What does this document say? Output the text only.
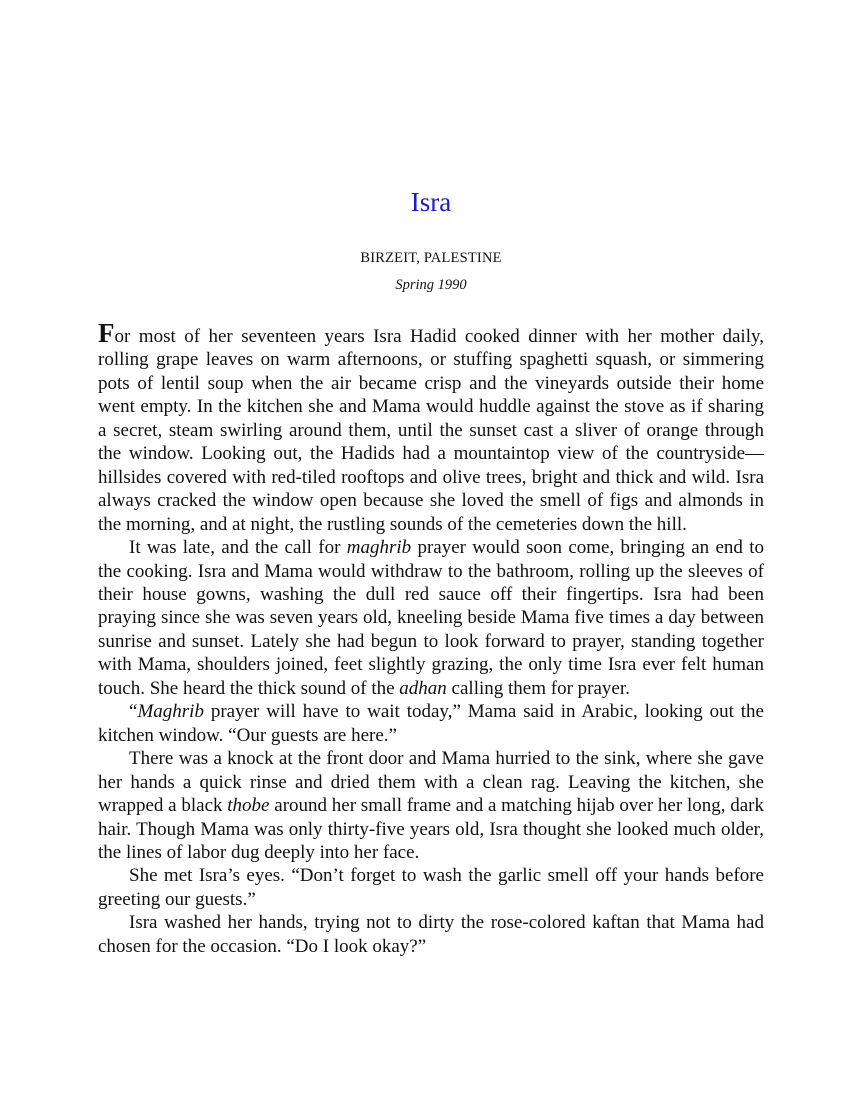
Isra

BIRZEIT, PALESTINE

Spring 1990

For most of her seventeen years Isra Hadid cooked dinner with her mother daily, rolling grape leaves on warm afternoons, or stuffing spaghetti squash, or simmering pots of lentil soup when the air became crisp and the vineyards outside their home went empty. In the kitchen she and Mama would huddle against the stove as if sharing a secret, steam swirling around them, until the sunset cast a sliver of orange through the window. Looking out, the Hadids had a mountaintop view of the countryside—hillsides covered with red-tiled rooftops and olive trees, bright and thick and wild. Isra always cracked the window open because she loved the smell of figs and almonds in the morning, and at night, the rustling sounds of the cemeteries down the hill.

It was late, and the call for maghrib prayer would soon come, bringing an end to the cooking. Isra and Mama would withdraw to the bathroom, rolling up the sleeves of their house gowns, washing the dull red sauce off their fingertips. Isra had been praying since she was seven years old, kneeling beside Mama five times a day between sunrise and sunset. Lately she had begun to look forward to prayer, standing together with Mama, shoulders joined, feet slightly grazing, the only time Isra ever felt human touch. She heard the thick sound of the adhan calling them for prayer.

“Maghrib prayer will have to wait today,” Mama said in Arabic, looking out the kitchen window. “Our guests are here.”

There was a knock at the front door and Mama hurried to the sink, where she gave her hands a quick rinse and dried them with a clean rag. Leaving the kitchen, she wrapped a black thobe around her small frame and a matching hijab over her long, dark hair. Though Mama was only thirty-five years old, Isra thought she looked much older, the lines of labor dug deeply into her face.

She met Isra’s eyes. “Don’t forget to wash the garlic smell off your hands before greeting our guests.”

Isra washed her hands, trying not to dirty the rose-colored kaftan that Mama had chosen for the occasion. “Do I look okay?”
